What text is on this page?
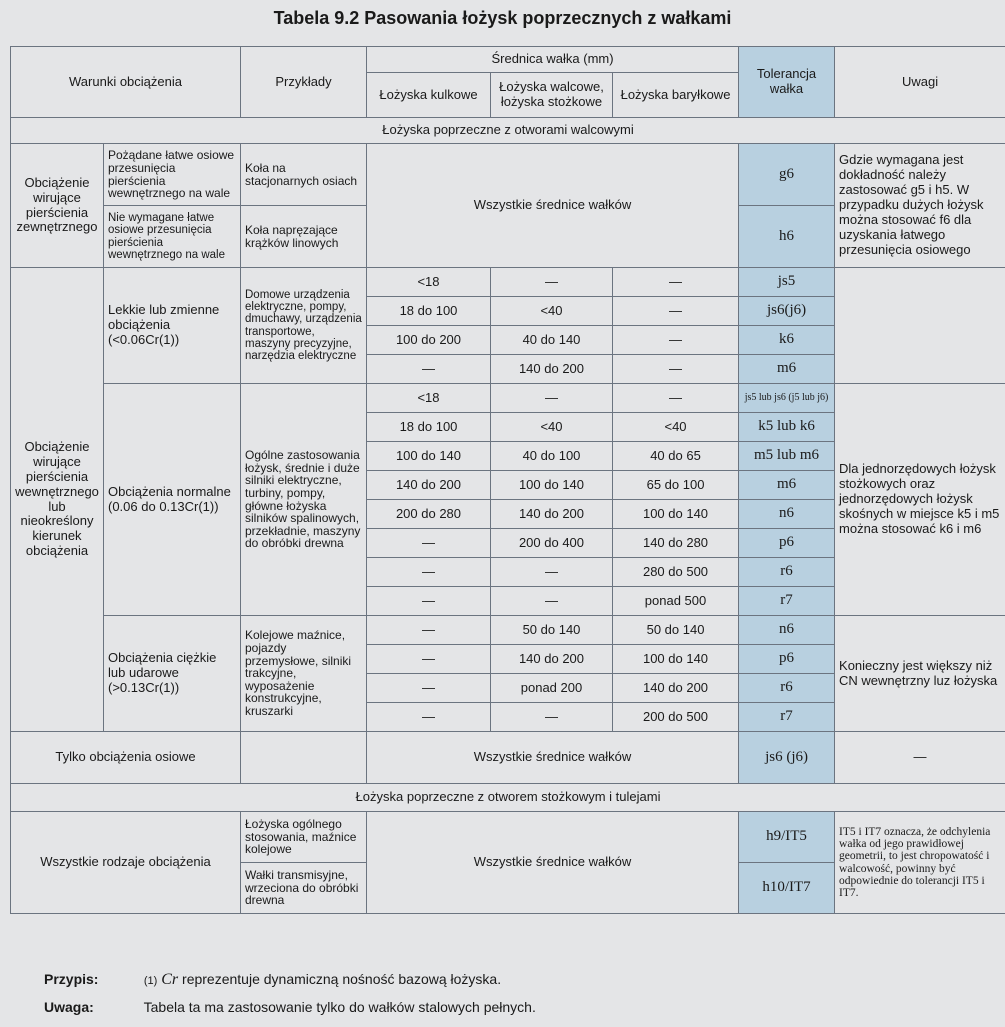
Tabela 9.2 Pasowania łożysk poprzecznych z wałkami
Warunki obciążenia		Przykłady	Średnica wałka (mm)			Tolerancja wałka	Uwagi
			Łożyska kulkowe	Łożyska walcowe, łożyska stożkowe	Łożyska baryłkowe		
Łożyska poprzeczne z otworami walcowymi							
Obciążenie wirujące pierścienia zewnętrznego	Pożądane łatwe osiowe przesunięcia pierścienia wewnętrznego na wale	Koła na stacjonarnych osiach	Wszystkie średnice wałków			g6	Gdzie wymagana jest dokładność należy zastosować g5 i h5. W przypadku dużych łożysk można stosować f6 dla uzyskania łatwego przesunięcia osiowego
	Nie wymagane łatwe osiowe przesunięcia pierścienia wewnętrznego na wale	Koła napręzające krążków linowych				h6	
Obciążenie wirujące pierścienia wewnętrznego lub nieokreślony kierunek obciążenia	Lekkie lub zmienne obciążenia
(<0.06Cr(1))	Domowe urządzenia elektryczne, pompy, dmuchawy, urządzenia transportowe, maszyny precyzyjne, narzędzia elektryczne	<18	—	—	js5	
			18 do 100	<40	—	js6(j6)	
			100 do 200	40 do 140	—	k6	
			—	140 do 200	—	m6	
	Obciążenia normalne
(0.06 do 0.13Cr(1))	Ogólne zastosowania łożysk, średnie i duże silniki elektryczne, turbiny, pompy, główne łożyska silników spalinowych, przekładnie, maszyny do obróbki drewna	<18	—	—	js5 lub js6 (j5 lub j6)	Dla jednorzędowych łożysk stożkowych oraz jednorzędowych łożysk skośnych w miejsce k5 i m5 można stosować k6 i m6
			18 do 100	<40	<40	k5 lub k6	
			100 do 140	40 do 100	40 do 65	m5 lub m6	
			140 do 200	100 do 140	65 do 100	m6	
			200 do 280	140 do 200	100 do 140	n6	
			—	200 do 400	140 do 280	p6	
			—	—	280 do 500	r6	
			—	—	ponad 500	r7	
	Obciążenia ciężkie lub udarowe
(>0.13Cr(1))	Kolejowe maźnice, pojazdy przemysłowe, silniki trakcyjne, wyposażenie konstrukcyjne, kruszarki	—	50 do 140	50 do 140	n6	Konieczny jest większy niż CN wewnętrzny luz łożyska
			—	140 do 200	100 do 140	p6	
			—	ponad 200	140 do 200	r6	
			—	—	200 do 500	r7	
Tylko obciążenia osiowe			Wszystkie średnice wałków			js6 (j6)	—
Łożyska poprzeczne z otworem stożkowym i tulejami							
Wszystkie rodzaje obciążenia		Łożyska ogólnego stosowania, maźnice kolejowe	Wszystkie średnice wałków			h9/IT5	IT5 i IT7 oznacza, że odchylenia wałka od jego prawidłowej geometrii, to jest chropowatość i walcowość, powinny być odpowiednie do tolerancji IT5 i IT7.
		Wałki transmisyjne, wrzeciona do obróbki drewna				h10/IT7	
Przypis:	(1) Cr reprezentuje dynamiczną nośność bazową łożyska.
Uwaga:	Tabela ta ma zastosowanie tylko do wałków stalowych pełnych.
